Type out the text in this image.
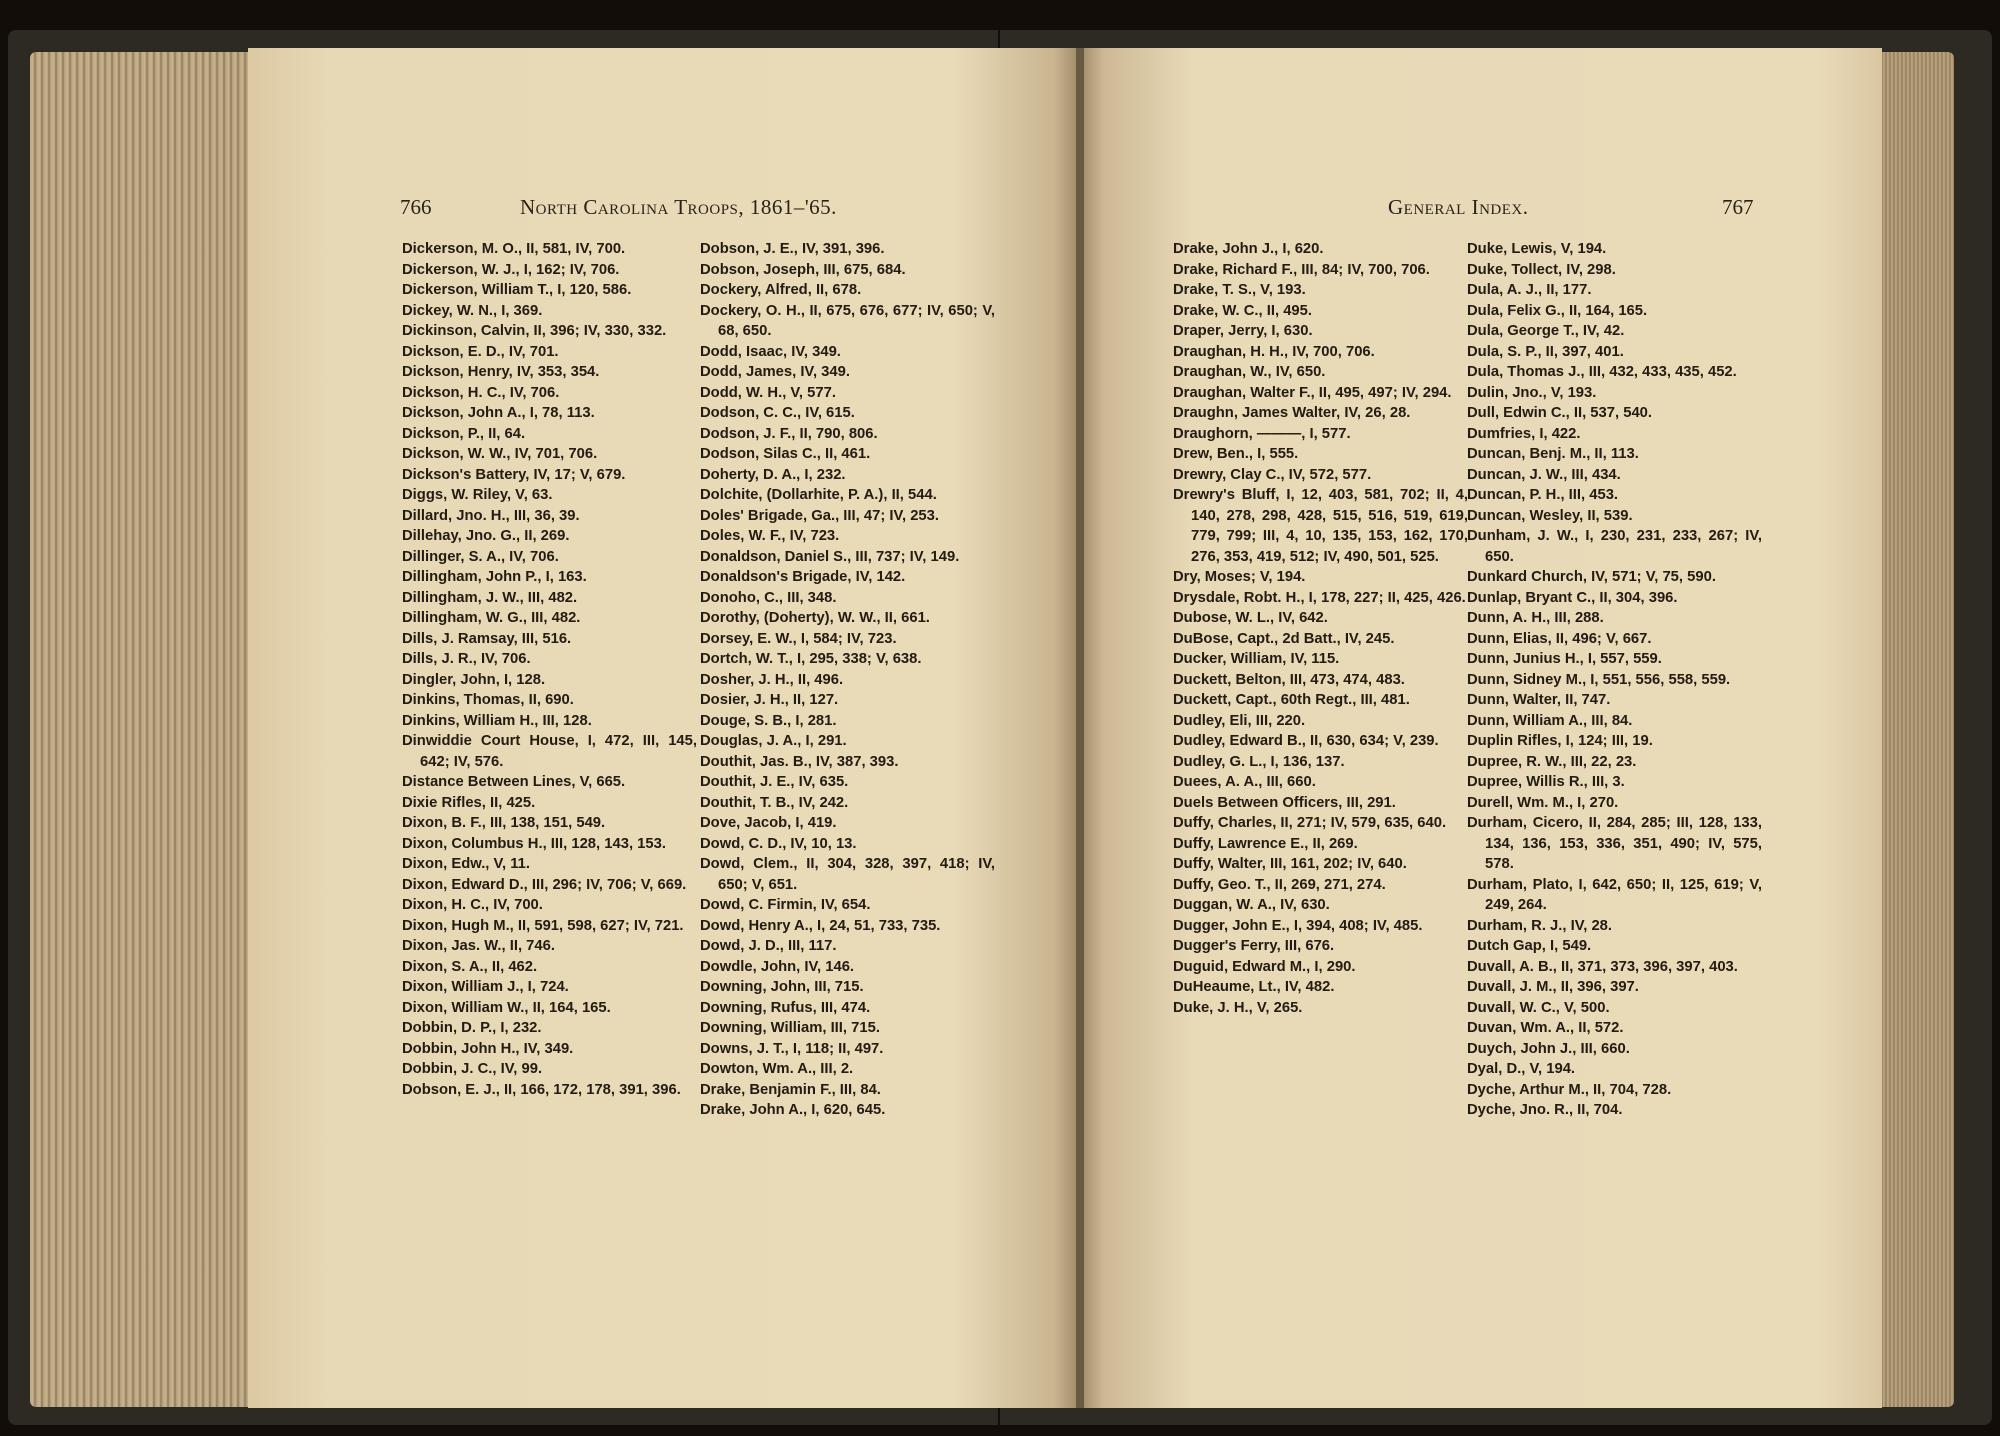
766	North Carolina Troops, 1861–'65.	General Index.	767

Dickerson, M. O., II, 581, IV, 700.

Dickerson, W. J., I, 162; IV, 706.

Dickerson, William T., I, 120, 586.

Dickey, W. N., I, 369.

Dickinson, Calvin, II, 396; IV, 330, 332.

Dickson, E. D., IV, 701.

Dickson, Henry, IV, 353, 354.

Dickson, H. C., IV, 706.

Dickson, John A., I, 78, 113.

Dickson, P., II, 64.

Dickson, W. W., IV, 701, 706.

Dickson's Battery, IV, 17; V, 679.

Diggs, W. Riley, V, 63.

Dillard, Jno. H., III, 36, 39.

Dillehay, Jno. G., II, 269.

Dillinger, S. A., IV, 706.

Dillingham, John P., I, 163.

Dillingham, J. W., III, 482.

Dillingham, W. G., III, 482.

Dills, J. Ramsay, III, 516.

Dills, J. R., IV, 706.

Dingler, John, I, 128.

Dinkins, Thomas, II, 690.

Dinkins, William H., III, 128.

Dinwiddie Court House, I, 472, III, 145, 642; IV, 576.

Distance Between Lines, V, 665.

Dixie Rifles, II, 425.

Dixon, B. F., III, 138, 151, 549.

Dixon, Columbus H., III, 128, 143, 153.

Dixon, Edw., V, 11.

Dixon, Edward D., III, 296; IV, 706; V, 669.

Dixon, H. C., IV, 700.

Dixon, Hugh M., II, 591, 598, 627; IV, 721.

Dixon, Jas. W., II, 746.

Dixon, S. A., II, 462.

Dixon, William J., I, 724.

Dixon, William W., II, 164, 165.

Dobbin, D. P., I, 232.

Dobbin, John H., IV, 349.

Dobbin, J. C., IV, 99.

Dobson, E. J., II, 166, 172, 178, 391, 396.

Dobson, J. E., IV, 391, 396.

Dobson, Joseph, III, 675, 684.

Dockery, Alfred, II, 678.

Dockery, O. H., II, 675, 676, 677; IV, 650; V, 68, 650.

Dodd, Isaac, IV, 349.

Dodd, James, IV, 349.

Dodd, W. H., V, 577.

Dodson, C. C., IV, 615.

Dodson, J. F., II, 790, 806.

Dodson, Silas C., II, 461.

Doherty, D. A., I, 232.

Dolchite, (Dollarhite, P. A.), II, 544.

Doles' Brigade, Ga., III, 47; IV, 253.

Doles, W. F., IV, 723.

Donaldson, Daniel S., III, 737; IV, 149.

Donaldson's Brigade, IV, 142.

Donoho, C., III, 348.

Dorothy, (Doherty), W. W., II, 661.

Dorsey, E. W., I, 584; IV, 723.

Dortch, W. T., I, 295, 338; V, 638.

Dosher, J. H., II, 496.

Dosier, J. H., II, 127.

Douge, S. B., I, 281.

Douglas, J. A., I, 291.

Douthit, Jas. B., IV, 387, 393.

Douthit, J. E., IV, 635.

Douthit, T. B., IV, 242.

Dove, Jacob, I, 419.

Dowd, C. D., IV, 10, 13.

Dowd, Clem., II, 304, 328, 397, 418; IV, 650; V, 651.

Dowd, C. Firmin, IV, 654.

Dowd, Henry A., I, 24, 51, 733, 735.

Dowd, J. D., III, 117.

Dowdle, John, IV, 146.

Downing, John, III, 715.

Downing, Rufus, III, 474.

Downing, William, III, 715.

Downs, J. T., I, 118; II, 497.

Dowton, Wm. A., III, 2.

Drake, Benjamin F., III, 84.

Drake, John A., I, 620, 645.

Drake, John J., I, 620.

Drake, Richard F., III, 84; IV, 700, 706.

Drake, T. S., V, 193.

Drake, W. C., II, 495.

Draper, Jerry, I, 630.

Draughan, H. H., IV, 700, 706.

Draughan, W., IV, 650.

Draughan, Walter F., II, 495, 497; IV, 294.

Draughn, James Walter, IV, 26, 28.

Draughorn, ———, I, 577.

Drew, Ben., I, 555.

Drewry, Clay C., IV, 572, 577.

Drewry's Bluff, I, 12, 403, 581, 702; II, 4, 140, 278, 298, 428, 515, 516, 519, 619, 779, 799; III, 4, 10, 135, 153, 162, 170, 276, 353, 419, 512; IV, 490, 501, 525.

Dry, Moses; V, 194.

Drysdale, Robt. H., I, 178, 227; II, 425, 426.

Dubose, W. L., IV, 642.

DuBose, Capt., 2d Batt., IV, 245.

Ducker, William, IV, 115.

Duckett, Belton, III, 473, 474, 483.

Duckett, Capt., 60th Regt., III, 481.

Dudley, Eli, III, 220.

Dudley, Edward B., II, 630, 634; V, 239.

Dudley, G. L., I, 136, 137.

Duees, A. A., III, 660.

Duels Between Officers, III, 291.

Duffy, Charles, II, 271; IV, 579, 635, 640.

Duffy, Lawrence E., II, 269.

Duffy, Walter, III, 161, 202; IV, 640.

Duffy, Geo. T., II, 269, 271, 274.

Duggan, W. A., IV, 630.

Dugger, John E., I, 394, 408; IV, 485.

Dugger's Ferry, III, 676.

Duguid, Edward M., I, 290.

DuHeaume, Lt., IV, 482.

Duke, J. H., V, 265.

Duke, Lewis, V, 194.

Duke, Tollect, IV, 298.

Dula, A. J., II, 177.

Dula, Felix G., II, 164, 165.

Dula, George T., IV, 42.

Dula, S. P., II, 397, 401.

Dula, Thomas J., III, 432, 433, 435, 452.

Dulin, Jno., V, 193.

Dull, Edwin C., II, 537, 540.

Dumfries, I, 422.

Duncan, Benj. M., II, 113.

Duncan, J. W., III, 434.

Duncan, P. H., III, 453.

Duncan, Wesley, II, 539.

Dunham, J. W., I, 230, 231, 233, 267; IV, 650.

Dunkard Church, IV, 571; V, 75, 590.

Dunlap, Bryant C., II, 304, 396.

Dunn, A. H., III, 288.

Dunn, Elias, II, 496; V, 667.

Dunn, Junius H., I, 557, 559.

Dunn, Sidney M., I, 551, 556, 558, 559.

Dunn, Walter, II, 747.

Dunn, William A., III, 84.

Duplin Rifles, I, 124; III, 19.

Dupree, R. W., III, 22, 23.

Dupree, Willis R., III, 3.

Durell, Wm. M., I, 270.

Durham, Cicero, II, 284, 285; III, 128, 133, 134, 136, 153, 336, 351, 490; IV, 575, 578.

Durham, Plato, I, 642, 650; II, 125, 619; V, 249, 264.

Durham, R. J., IV, 28.

Dutch Gap, I, 549.

Duvall, A. B., II, 371, 373, 396, 397, 403.

Duvall, J. M., II, 396, 397.

Duvall, W. C., V, 500.

Duvan, Wm. A., II, 572.

Duych, John J., III, 660.

Dyal, D., V, 194.

Dyche, Arthur M., II, 704, 728.

Dyche, Jno. R., II, 704.
